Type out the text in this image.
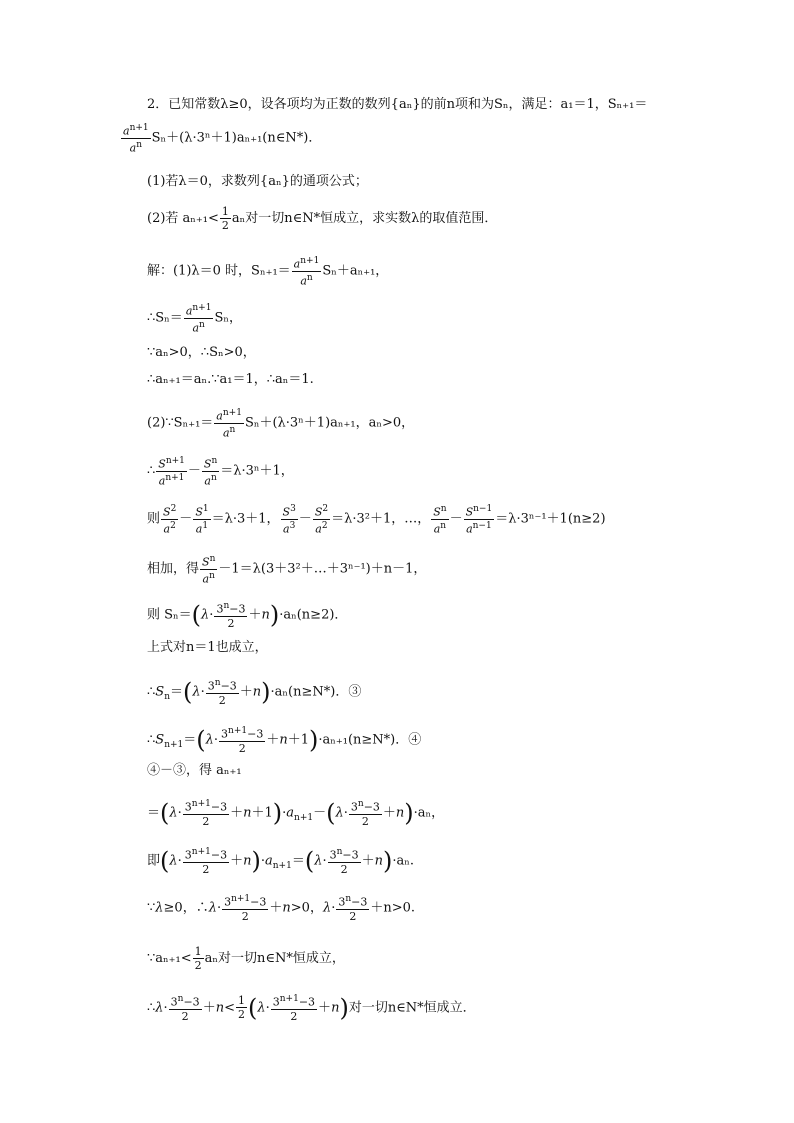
2．已知常数λ≥0，设各项均为正数的数列{aₙ}的前n项和为Sₙ，满足：a₁＝1，Sₙ₊₁＝
$\frac{a^{n+1}}{a^n}$ Sₙ＋(λ·3ⁿ＋1)aₙ₊₁(n∈N*)．
(1)若λ＝0，求数列{aₙ}的通项公式；
(2)若 $a_{n+1}< \frac{1}{2}$ aₙ对一切n∈N*恒成立，求实数λ的取值范围．
解：(1)λ＝0 时，$S_{n+1}= \frac{a^{n+1}}{a^n} S_n+a_{n+1}$，
∴Sₙ＝ $\frac{a^{n+1}}{a^n}$ Sₙ，
∵aₙ>0，∴Sₙ>0，
∴aₙ₊₁＝aₙ.∵a₁＝1，∴aₙ＝1.
(2)∵Sₙ₊₁＝ $\frac{a^{n+1}}{a^n} S_n+(\lambda\cdot 3^n+1)a_{n+1}$，aₙ>0，
∴ $\frac{S^{n+1}}{a^{n+1}} - \frac{S^n}{a^n} =\lambda\cdot 3^n+1$，
则 $\frac{S^2}{a^2} - \frac{S^1}{a^1} =\lambda\cdot 3+1$， $\frac{S^3}{a^3} - \frac{S^2}{a^2} =\lambda\cdot 3^2+1$，…， $\frac{S^n}{a^n} - \frac{S^{n-1}}{a^{n-1}} =\lambda\cdot 3^{n-1}+1(n\ge 2)$
相加，得 $\frac{S^n}{a^n}$ －1＝λ(3＋3²＋…＋3ⁿ⁻¹)＋n－1，
则 $S_n=(\lambda\cdot \frac{3^n-3}{2} +n)\cdot a_n(n\ge 2)$．
上式对n＝1也成立，
$\therefore S_n=(\lambda\cdot \frac{3^n-3}{2} +n)\cdot a_n(n\ge N*)$．③
$\therefore S_{n+1}=(\lambda\cdot \frac{3^{n+1}-3}{2} +n+1)\cdot a_{n+1}(n\ge N*)$．④
④－③，得 aₙ₊₁
$=(\lambda\cdot \frac{3^{n+1}-3}{2} +n+1)\cdot a_{n+1}-(\lambda\cdot \frac{3^n-3}{2} +n)\cdot a_n$，
即$(\lambda\cdot \frac{3^{n+1}-3}{2} +n)\cdot a_{n+1}=(\lambda\cdot \frac{3^n-3}{2} +n)\cdot a_n$.
∵λ≥0，∴λ· $\frac{3^{n+1}-3}{2} +n>0$，$\lambda\cdot \frac{3^n-3}{2} +n>0$.
∵aₙ₊₁< $\frac{1}{2}$ aₙ对一切n∈N*恒成立，
∴λ· $\frac{3^n-3}{2} +n< \frac{1}{2} (\lambda\cdot \frac{3^{n+1}-3}{2} +n)$对一切n∈N*恒成立．
